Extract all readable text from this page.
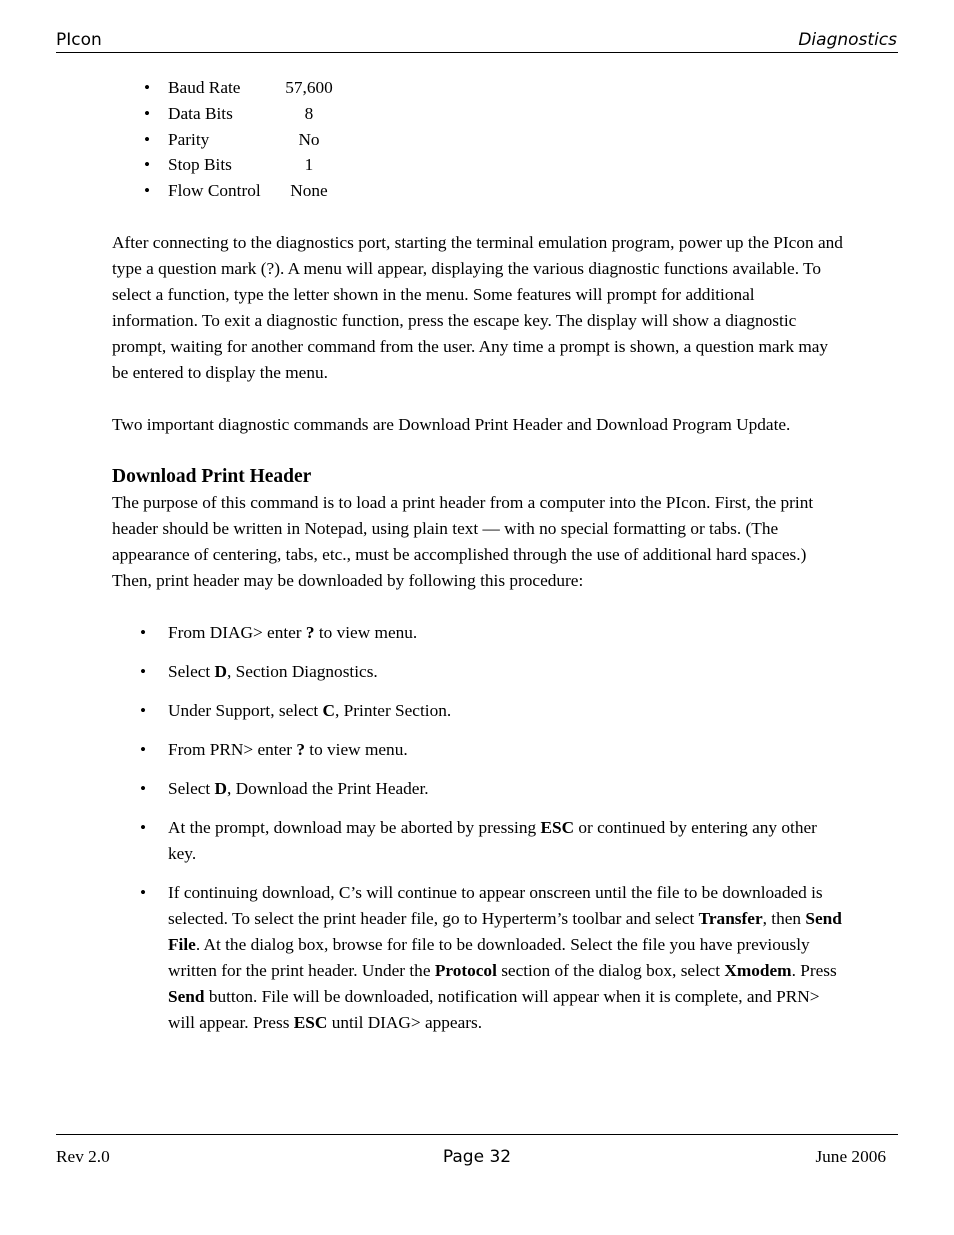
PIcon	Diagnostics
• Baud Rate	57,600
• Data Bits	8
• Parity	No
• Stop Bits	1
• Flow Control None

After connecting to the diagnostics port, starting the terminal emulation program, power up the PIcon and type a question mark (?). A menu will appear, displaying the various diagnostic functions available. To select a function, type the letter shown in the menu. Some features will prompt for additional information. To exit a diagnostic function, press the escape key. The display will show a diagnostic prompt, waiting for another command from the user. Any time a prompt is shown, a question mark may be entered to display the menu.

Two important diagnostic commands are Download Print Header and Download Program Update.

Download Print Header

The purpose of this command is to load a print header from a computer into the PIcon. First, the print header should be written in Notepad, using plain text — with no special formatting or tabs. (The appearance of centering, tabs, etc., must be accomplished through the use of additional hard spaces.) Then, print header may be downloaded by following this procedure:

• From DIAG> enter ? to view menu.
• Select D, Section Diagnostics.
• Under Support, select C, Printer Section.
• From PRN> enter ? to view menu.
• Select D, Download the Print Header.
• At the prompt, download may be aborted by pressing ESC or continued by entering any other key.
• If continuing download, C’s will continue to appear onscreen until the file to be downloaded is selected. To select the print header file, go to Hyperterm’s toolbar and select Transfer, then Send File. At the dialog box, browse for file to be downloaded. Select the file you have previously written for the print header. Under the Protocol section of the dialog box, select Xmodem. Press Send button. File will be downloaded, notification will appear when it is complete, and PRN> will appear. Press ESC until DIAG> appears.
Rev 2.0	Page 32	June 2006
